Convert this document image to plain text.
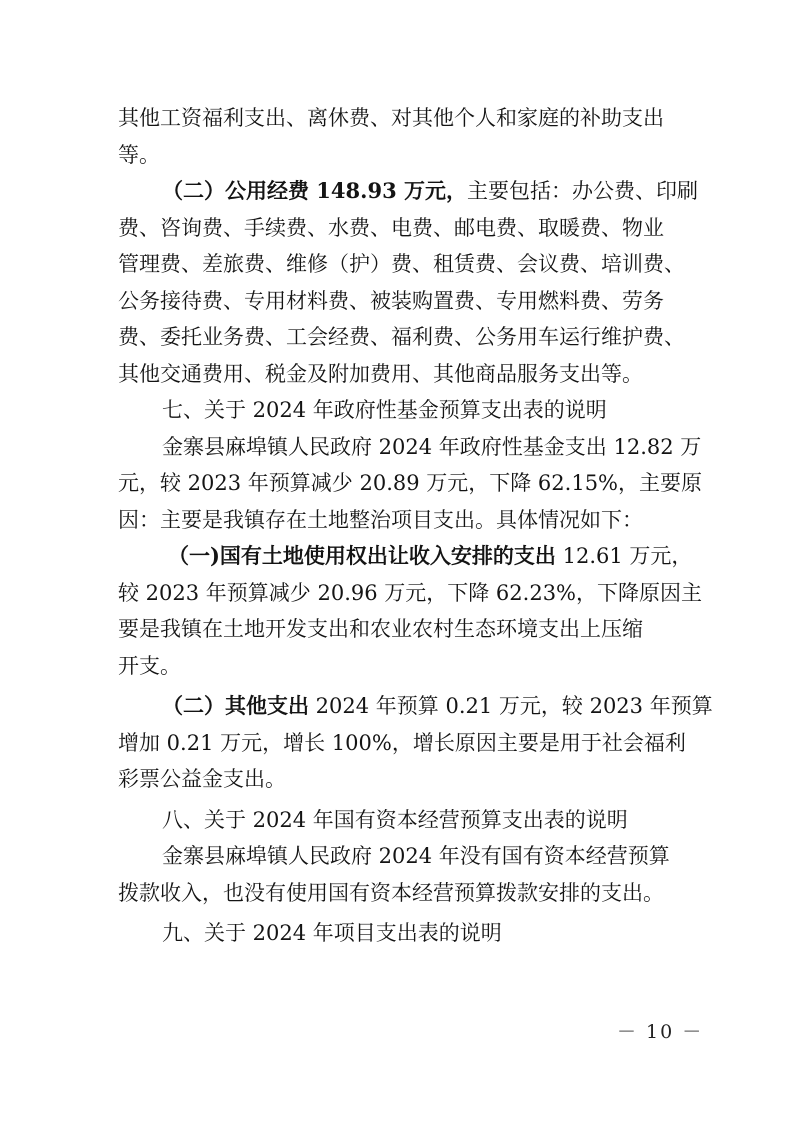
其他工资福利支出、离休费、对其他个人和家庭的补助支出
等。

（二）公用经费 148.93 万元，主要包括：办公费、印刷
费、咨询费、手续费、水费、电费、邮电费、取暖费、物业
管理费、差旅费、维修（护）费、租赁费、会议费、培训费、
公务接待费、专用材料费、被装购置费、专用燃料费、劳务
费、委托业务费、工会经费、福利费、公务用车运行维护费、
其他交通费用、税金及附加费用、其他商品服务支出等。

七、关于 2024 年政府性基金预算支出表的说明

金寨县麻埠镇人民政府 2024 年政府性基金支出 12.82 万
元，较 2023 年预算减少 20.89 万元，下降 62.15%，主要原
因：主要是我镇存在土地整治项目支出。具体情况如下：

（一)国有土地使用权出让收入安排的支出 12.61 万元，
较 2023 年预算减少 20.96 万元，下降 62.23%，下降原因主
要是我镇在土地开发支出和农业农村生态环境支出上压缩
开支。

（二）其他支出 2024 年预算 0.21 万元，较 2023 年预算
增加 0.21 万元，增长 100%，增长原因主要是用于社会福利
彩票公益金支出。

八、关于 2024 年国有资本经营预算支出表的说明

金寨县麻埠镇人民政府 2024 年没有国有资本经营预算
拨款收入，也没有使用国有资本经营预算拨款安排的支出。

九、关于 2024 年项目支出表的说明

－ 10 －
